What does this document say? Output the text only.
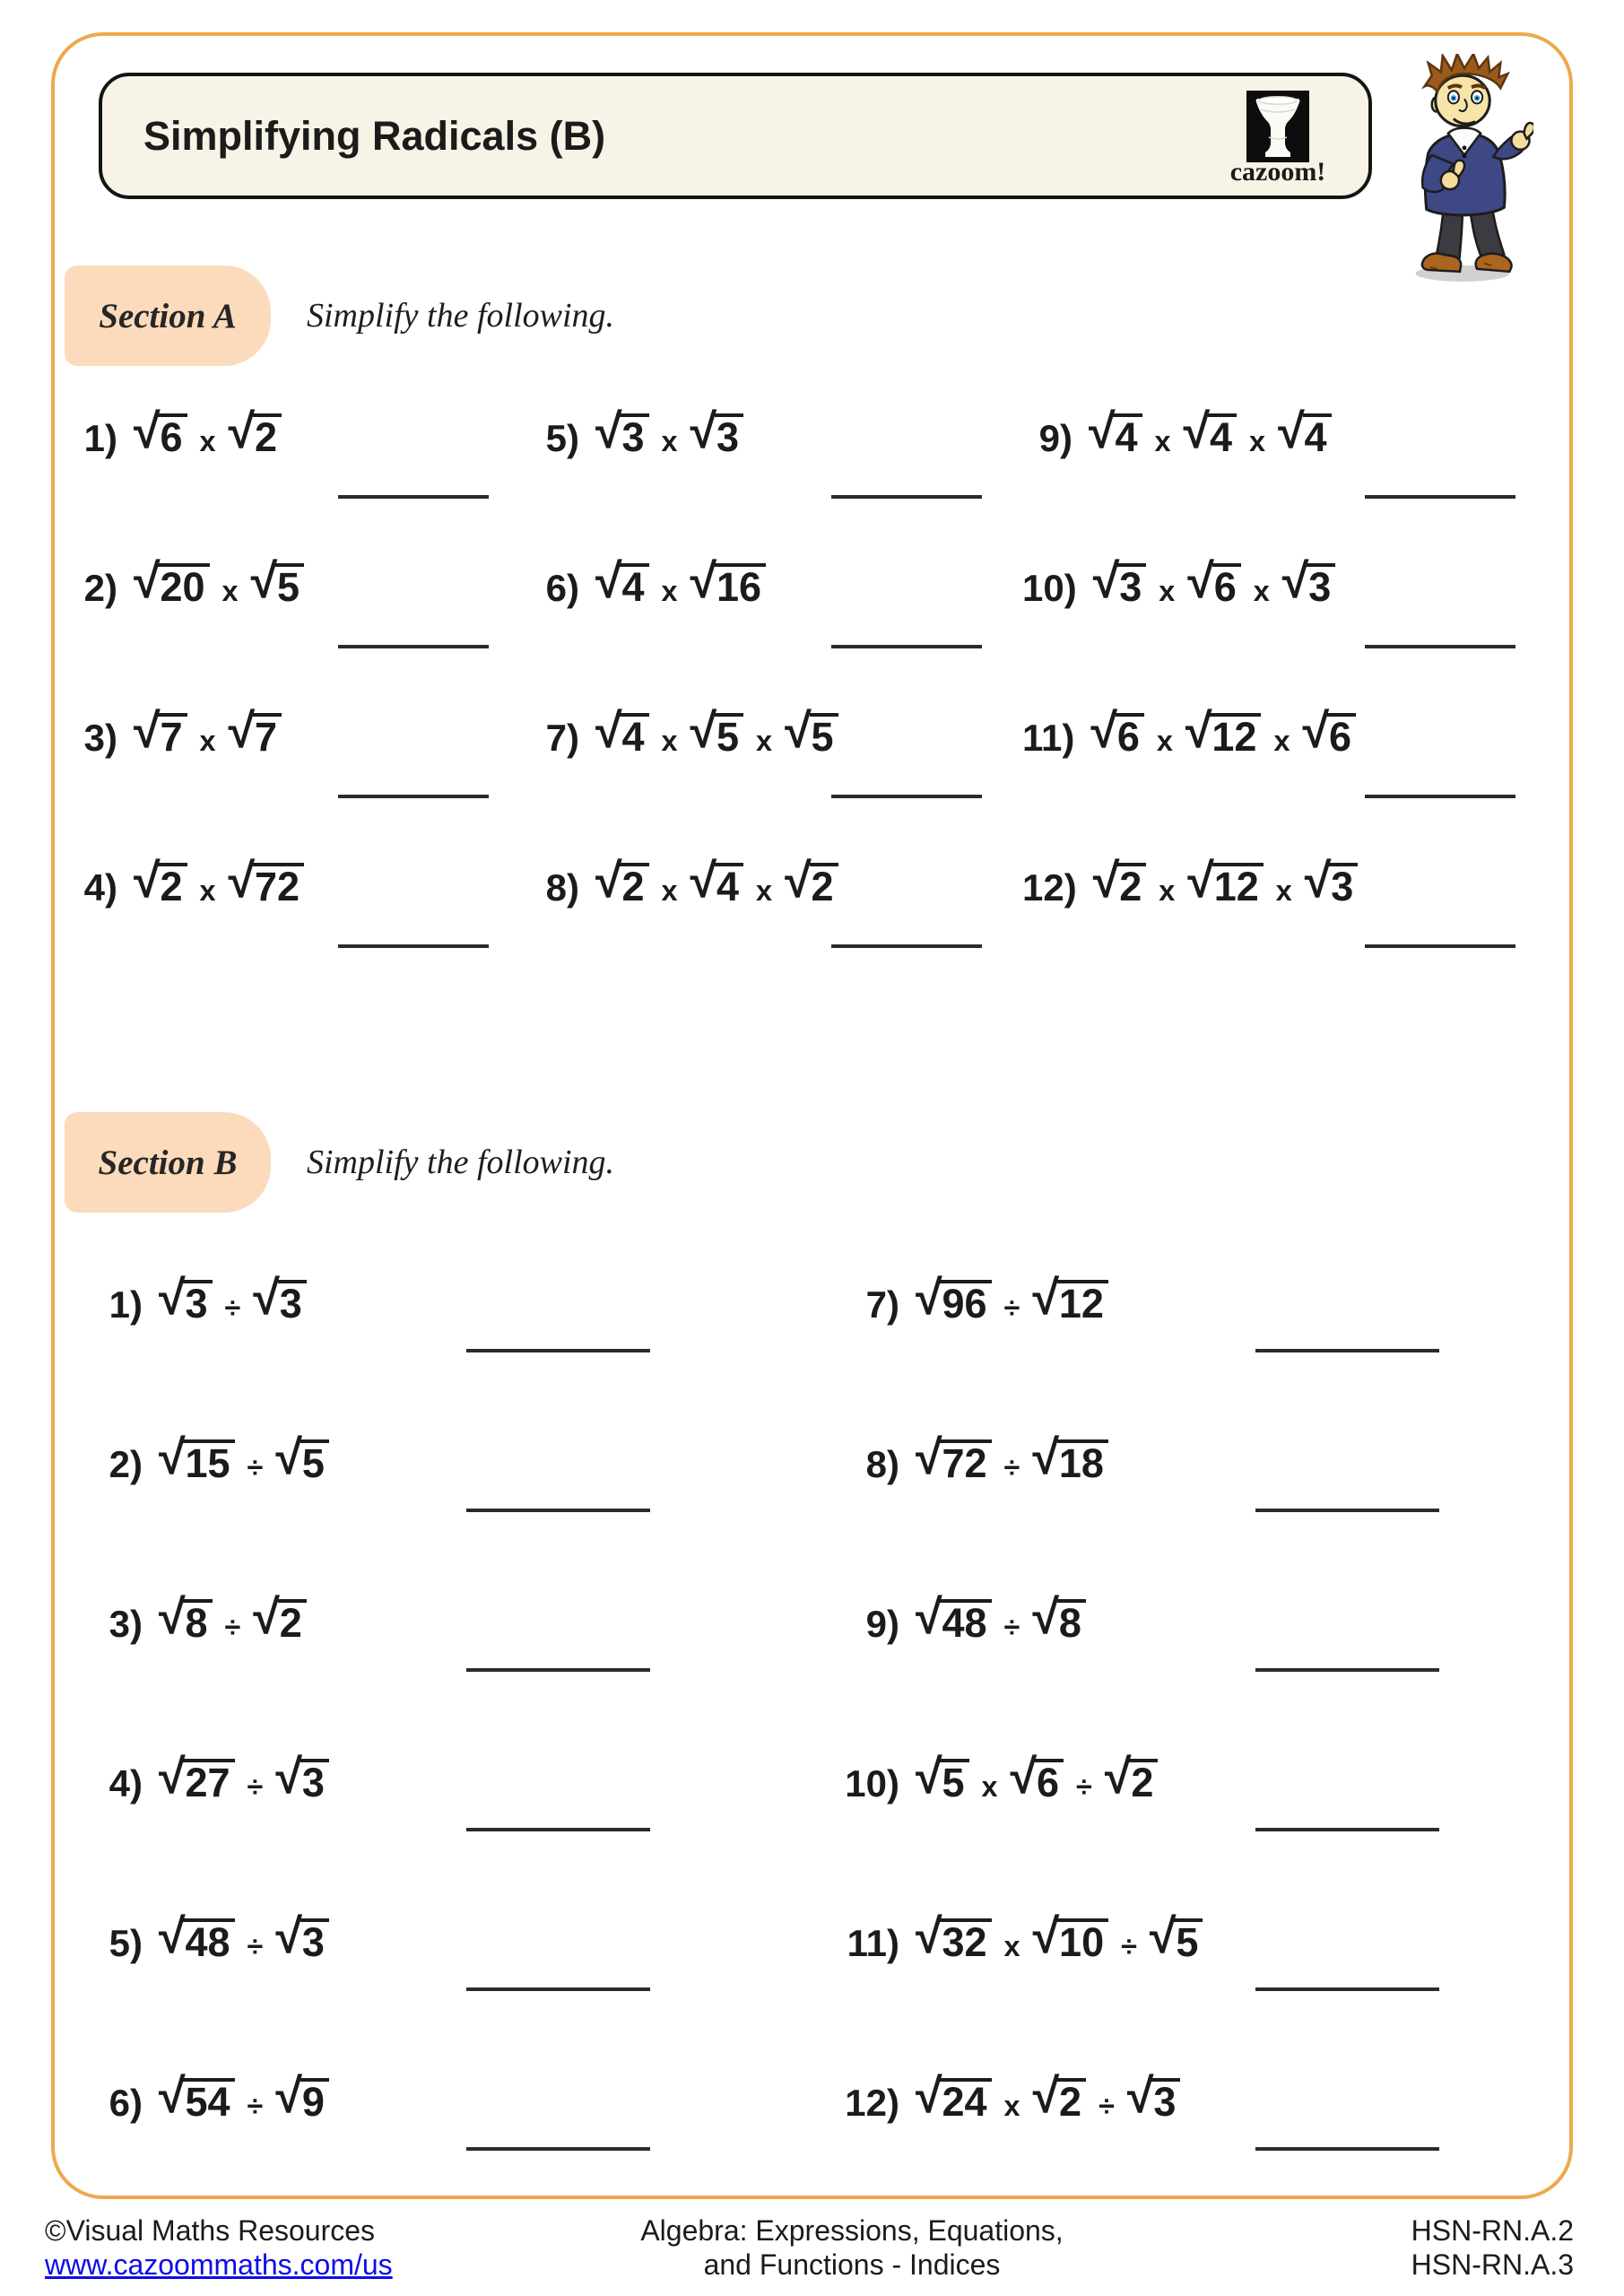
Simplifying Radicals (B)
cazoom!
Section A	Simplify the following.
1) √ 6 x √ 2
2) √ 20 x √ 5
3) √ 7 x √ 7
4) √ 2 x √ 72
5) √ 3 x √ 3
6) √ 4 x √ 16
7) √ 4 x √ 5 x √ 5
8) √ 2 x √ 4 x √ 2
9) √ 4 x √ 4 x √ 4
10) √ 3 x √ 6 x √ 3
11) √ 6 x √ 12 x √ 6
12) √ 2 x √ 12 x √ 3
Section B	Simplify the following.
1) √ 3 ÷ √ 3
2) √ 15 ÷ √ 5
3) √ 8 ÷ √ 2
4) √ 27 ÷ √ 3
5) √ 48 ÷ √ 3
6) √ 54 ÷ √ 9
7) √ 96 ÷ √ 12
8) √ 72 ÷ √ 18
9) √ 48 ÷ √ 8
10) √ 5 x √ 6 ÷ √ 2
11) √ 32 x √ 10 ÷ √ 5
12) √ 24 x √ 2 ÷ √ 3
©Visual Maths Resources
www.cazoommaths.com/us
Algebra: Expressions, Equations,
and Functions - Indices
HSN-RN.A.2
HSN-RN.A.3
